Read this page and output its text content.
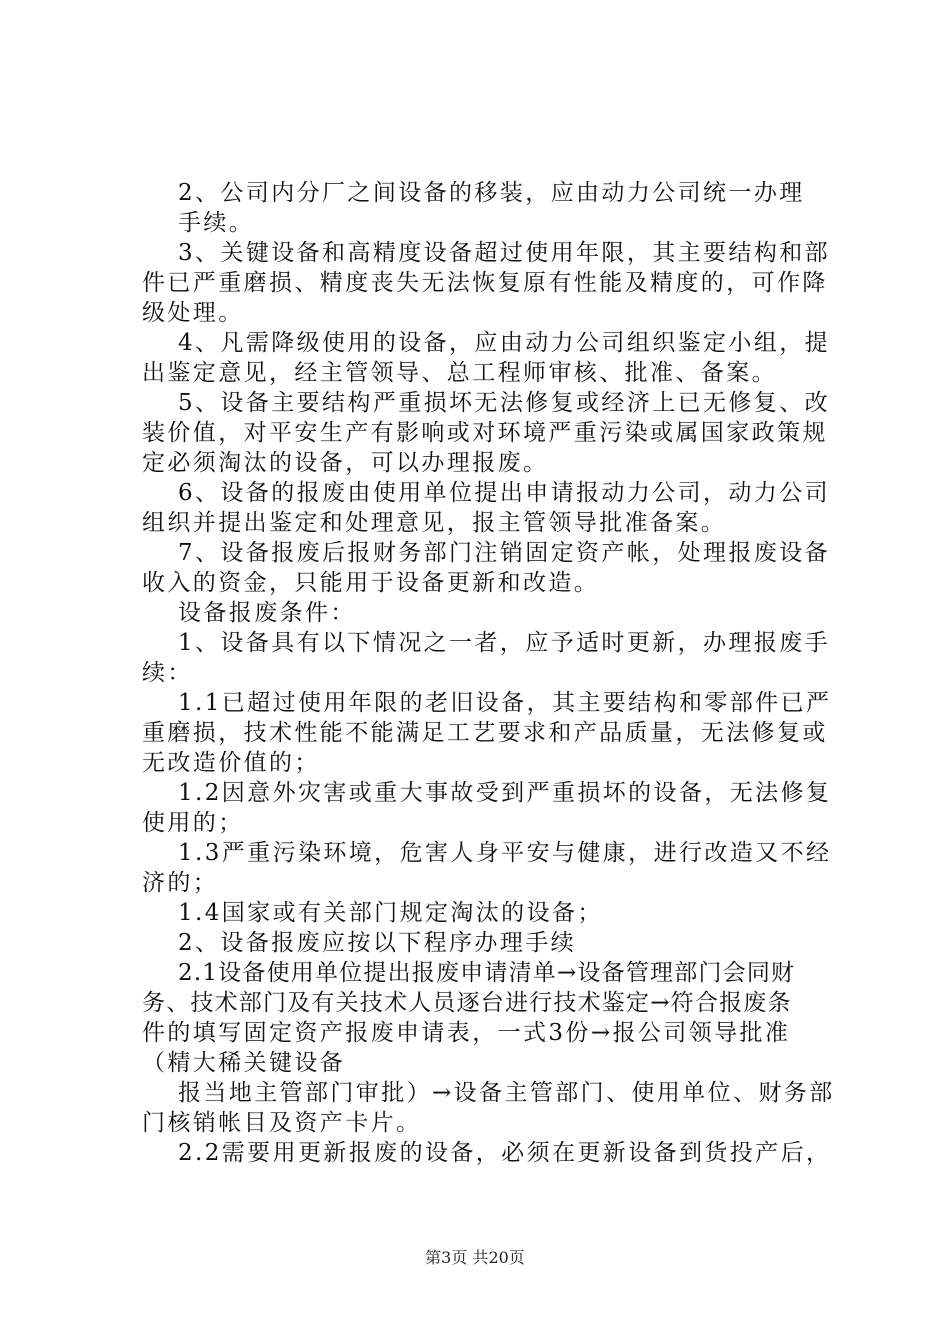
2、公司内分厂之间设备的移装，应由动力公司统一办理
手续。
3、关键设备和高精度设备超过使用年限，其主要结构和部
件已严重磨损、精度丧失无法恢复原有性能及精度的，可作降
级处理。
4、凡需降级使用的设备，应由动力公司组织鉴定小组，提
出鉴定意见，经主管领导、总工程师审核、批准、备案。
5、设备主要结构严重损坏无法修复或经济上已无修复、改
装价值，对平安生产有影响或对环境严重污染或属国家政策规
定必须淘汰的设备，可以办理报废。
6、设备的报废由使用单位提出申请报动力公司，动力公司
组织并提出鉴定和处理意见，报主管领导批准备案。
7、设备报废后报财务部门注销固定资产帐，处理报废设备
收入的资金，只能用于设备更新和改造。
设备报废条件：
1、设备具有以下情况之一者，应予适时更新，办理报废手
续：
1.1已超过使用年限的老旧设备，其主要结构和零部件已严
重磨损，技术性能不能满足工艺要求和产品质量，无法修复或
无改造价值的；
1.2因意外灾害或重大事故受到严重损坏的设备，无法修复
使用的；
1.3严重污染环境，危害人身平安与健康，进行改造又不经
济的；
1.4国家或有关部门规定淘汰的设备；
2、设备报废应按以下程序办理手续
2.1设备使用单位提出报废申请清单→设备管理部门会同财
务、技术部门及有关技术人员逐台进行技术鉴定→符合报废条
件的填写固定资产报废申请表，一式3份→报公司领导批准
（精大稀关键设备
报当地主管部门审批）→设备主管部门、使用单位、财务部
门核销帐目及资产卡片。
2.2需要用更新报废的设备，必须在更新设备到货投产后，
第3页 共20页
